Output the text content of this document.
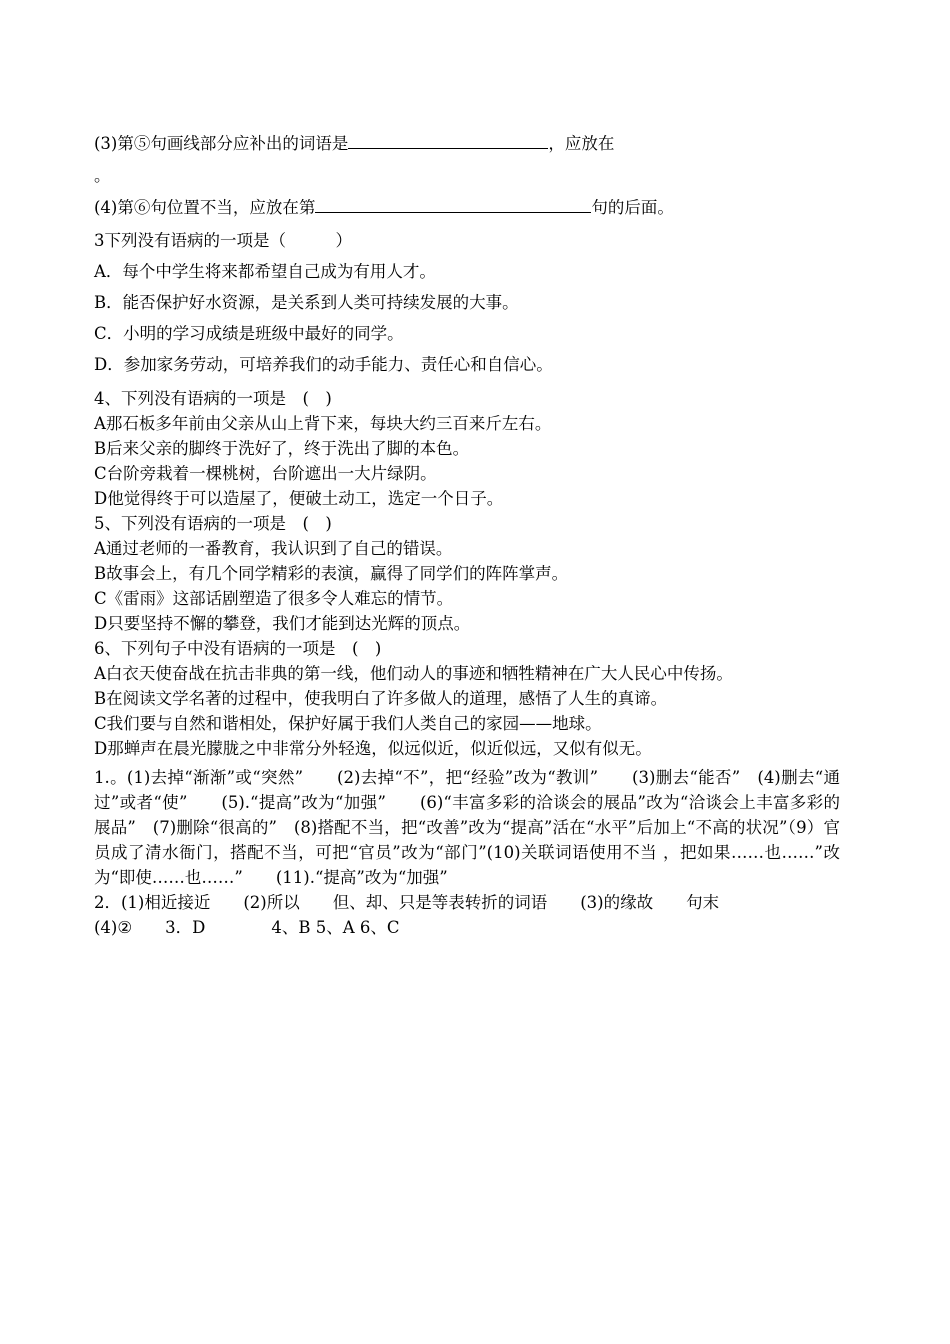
(3)第⑤句画线部分应补出的词语是	，应放在
。
(4)第⑥句位置不当，应放在第	句的后面。
3下列没有语病的一项是（　　　）
A．每个中学生将来都希望自己成为有用人才。
B．能否保护好水资源，是关系到人类可持续发展的大事。
C．小明的学习成绩是班级中最好的同学。
D．参加家务劳动，可培养我们的动手能力、责任心和自信心。
4、下列没有语病的一项是　(　)
A那石板多年前由父亲从山上背下来，每块大约三百来斤左右。
B后来父亲的脚终于洗好了，终于洗出了脚的本色。
C台阶旁栽着一棵桃树，台阶遮出一大片绿阴。
D他觉得终于可以造屋了，便破土动工，选定一个日子。
5、下列没有语病的一项是　(　)
A通过老师的一番教育，我认识到了自己的错误。
B故事会上，有几个同学精彩的表演，赢得了同学们的阵阵掌声。
C《雷雨》这部话剧塑造了很多令人难忘的情节。
D只要坚持不懈的攀登，我们才能到达光辉的顶点。
6、下列句子中没有语病的一项是　(　)
A白衣天使奋战在抗击非典的第一线，他们动人的事迹和牺牲精神在广大人民心中传扬。
B在阅读文学名著的过程中，使我明白了许多做人的道理，感悟了人生的真谛。
C我们要与自然和谐相处，保护好属于我们人类自己的家园——地球。
D那蝉声在晨光朦胧之中非常分外轻逸，似远似近，似近似远，又似有似无。

1.。(1)去掉“渐渐”或“突然”　　(2)去掉“不”，把“经验”改为“教训”　　(3)删去“能否”　(4)删去“通过”或者“使”　　(5).“提高”改为“加强”　　(6)“丰富多彩的洽谈会的展品”改为“洽谈会上丰富多彩的展品”　(7)删除“很高的”　(8)搭配不当，把“改善”改为“提高”活在“水平”后加上“不高的状况”（9）官员成了清水衙门，搭配不当，可把“官员”改为“部门”(10)关联词语使用不当 ，把如果……也……”改为“即使……也……”　　(11).“提高”改为“加强”

2．(1)相近接近　　(2)所以　　但、却、只是等表转折的词语　　(3)的缘故　　句末

(4)②　　3．D　　　　4、B 5、A 6、C
